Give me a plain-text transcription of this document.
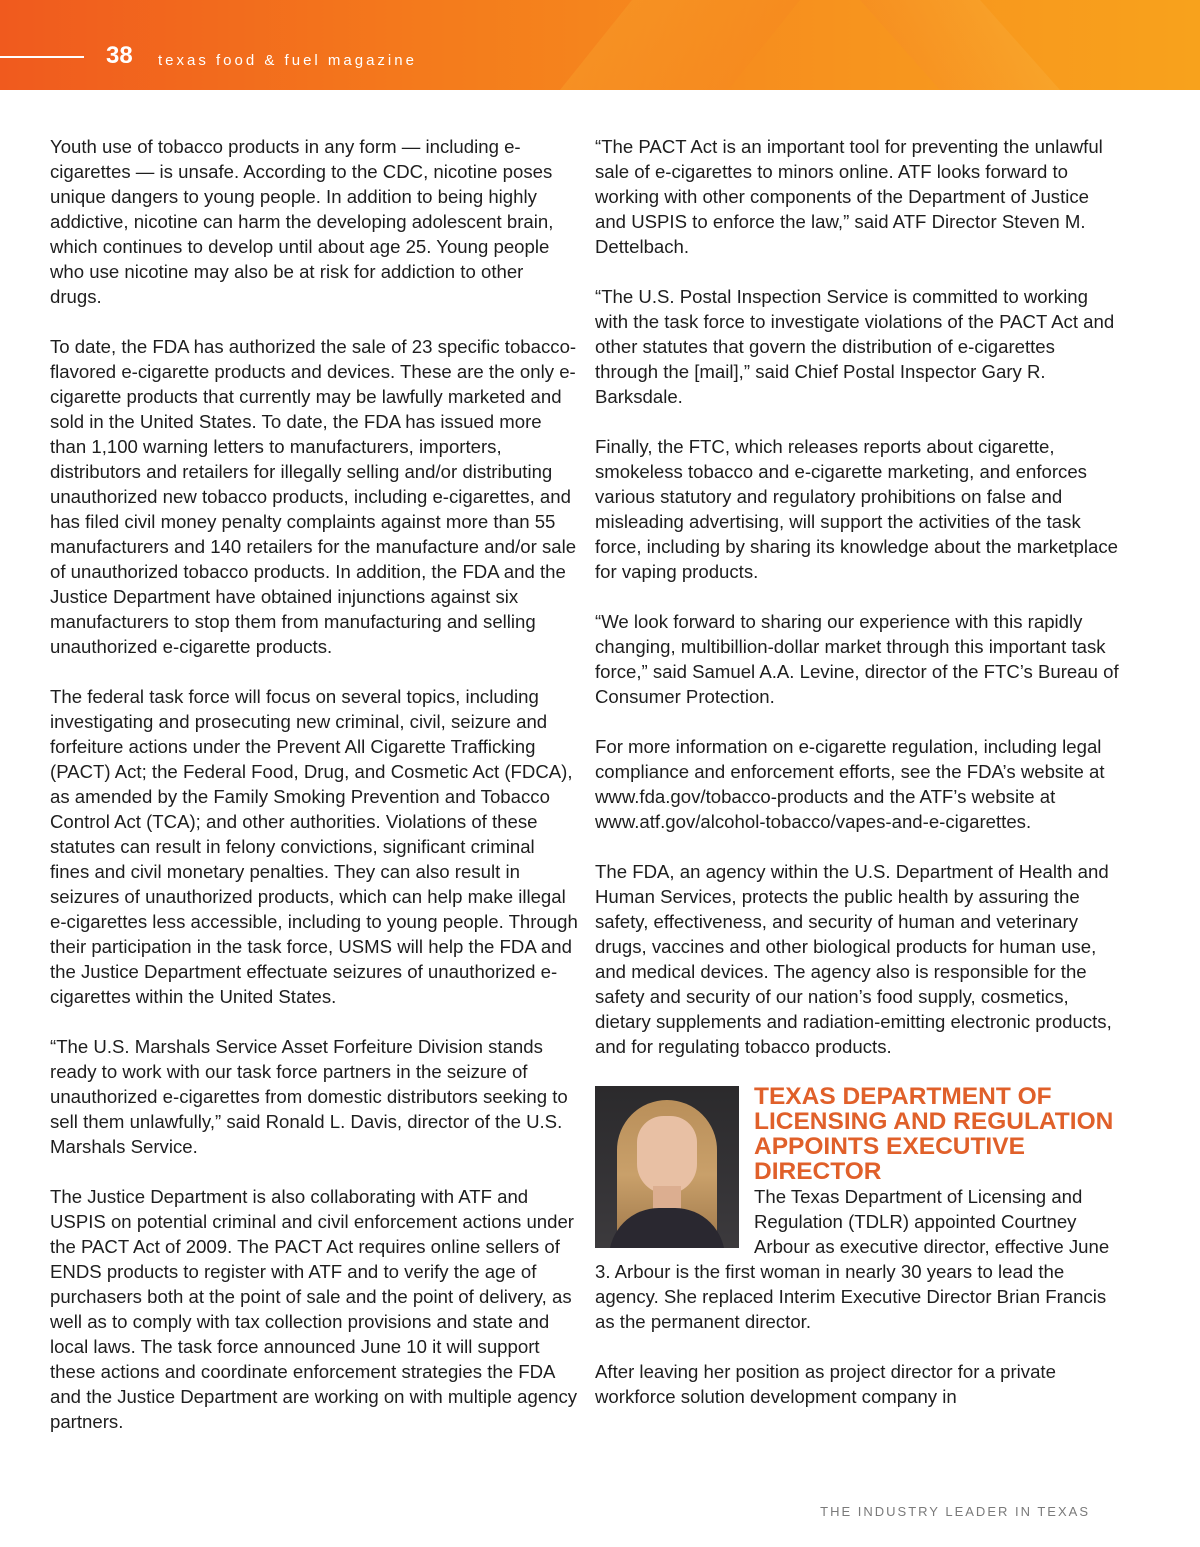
38 texas food & fuel magazine

Youth use of tobacco products in any form — including e-cigarettes — is unsafe. According to the CDC, nicotine poses unique dangers to young people. In addition to being highly addictive, nicotine can harm the developing adolescent brain, which continues to develop until about age 25. Young people who use nicotine may also be at risk for addiction to other drugs.

To date, the FDA has authorized the sale of 23 specific tobacco-flavored e-cigarette products and devices. These are the only e-cigarette products that currently may be lawfully marketed and sold in the United States. To date, the FDA has issued more than 1,100 warning letters to manufacturers, importers, distributors and retailers for illegally selling and/or distributing unauthorized new tobacco products, including e-cigarettes, and has filed civil money penalty complaints against more than 55 manufacturers and 140 retailers for the manufacture and/or sale of unauthorized tobacco products. In addition, the FDA and the Justice Department have obtained injunctions against six manufacturers to stop them from manufacturing and selling unauthorized e-cigarette products.

The federal task force will focus on several topics, including investigating and prosecuting new criminal, civil, seizure and forfeiture actions under the Prevent All Cigarette Trafficking (PACT) Act; the Federal Food, Drug, and Cosmetic Act (FDCA), as amended by the Family Smoking Prevention and Tobacco Control Act (TCA); and other authorities. Violations of these statutes can result in felony convictions, significant criminal fines and civil monetary penalties. They can also result in seizures of unauthorized products, which can help make illegal e-cigarettes less accessible, including to young people. Through their participation in the task force, USMS will help the FDA and the Justice Department effectuate seizures of unauthorized e-cigarettes within the United States.

“The U.S. Marshals Service Asset Forfeiture Division stands ready to work with our task force partners in the seizure of unauthorized e-cigarettes from domestic distributors seeking to sell them unlawfully,” said Ronald L. Davis, director of the U.S. Marshals Service.

The Justice Department is also collaborating with ATF and USPIS on potential criminal and civil enforcement actions under the PACT Act of 2009. The PACT Act requires online sellers of ENDS products to register with ATF and to verify the age of purchasers both at the point of sale and the point of delivery, as well as to comply with tax collection provisions and state and local laws. The task force announced June 10 it will support these actions and coordinate enforcement strategies the FDA and the Justice Department are working on with multiple agency partners.

“The PACT Act is an important tool for preventing the unlawful sale of e-cigarettes to minors online. ATF looks forward to working with other components of the Department of Justice and USPIS to enforce the law,” said ATF Director Steven M. Dettelbach.

“The U.S. Postal Inspection Service is committed to working with the task force to investigate violations of the PACT Act and other statutes that govern the distribution of e-cigarettes through the [mail],” said Chief Postal Inspector Gary R. Barksdale.

Finally, the FTC, which releases reports about cigarette, smokeless tobacco and e-cigarette marketing, and enforces various statutory and regulatory prohibitions on false and misleading advertising, will support the activities of the task force, including by sharing its knowledge about the marketplace for vaping products.

“We look forward to sharing our experience with this rapidly changing, multibillion-dollar market through this important task force,” said Samuel A.A. Levine, director of the FTC’s Bureau of Consumer Protection.

For more information on e-cigarette regulation, including legal compliance and enforcement efforts, see the FDA’s website at www.fda.gov/tobacco-products and the ATF’s website at www.atf.gov/alcohol-tobacco/vapes-and-e-cigarettes.

The FDA, an agency within the U.S. Department of Health and Human Services, protects the public health by assuring the safety, effectiveness, and security of human and veterinary drugs, vaccines and other biological products for human use, and medical devices. The agency also is responsible for the safety and security of our nation’s food supply, cosmetics, dietary supplements and radiation-emitting electronic products, and for regulating tobacco products.

TEXAS DEPARTMENT OF LICENSING AND REGULATION APPOINTS EXECUTIVE DIRECTOR

The Texas Department of Licensing and Regulation (TDLR) appointed Courtney Arbour as executive director, effective June 3. Arbour is the first woman in nearly 30 years to lead the agency. She replaced Interim Executive Director Brian Francis as the permanent director.

After leaving her position as project director for a private workforce solution development company in

THE INDUSTRY LEADER IN TEXAS
